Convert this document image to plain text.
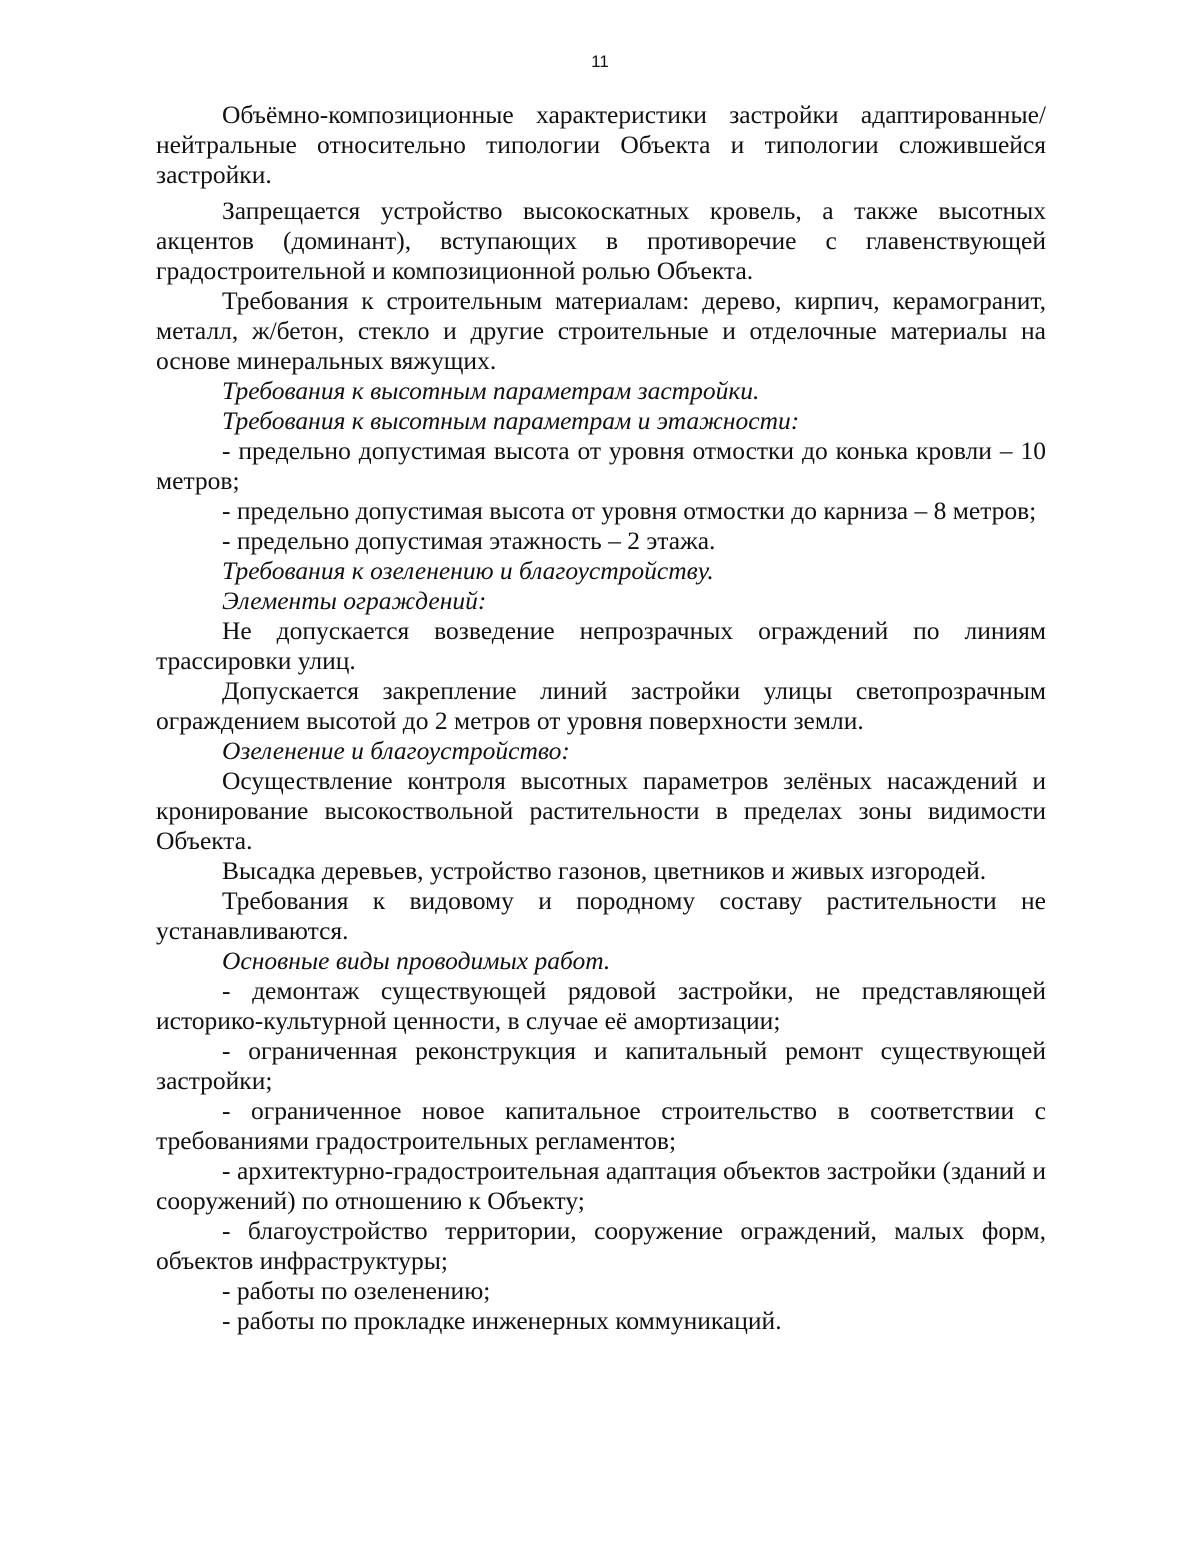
11

Объёмно-композиционные характеристики застройки адаптированные/нейтральные относительно типологии Объекта и типологии сложившейся застройки.

Запрещается устройство высокоскатных кровель, а также высотных акцентов (доминант), вступающих в противоречие с главенствующей градостроительной и композиционной ролью Объекта.

Требования к строительным материалам: дерево, кирпич, керамогранит, металл, ж/бетон, стекло и другие строительные и отделочные материалы на основе минеральных вяжущих.

Требования к высотным параметрам застройки.

Требования к высотным параметрам и этажности:

- предельно допустимая высота от уровня отмостки до конька кровли – 10 метров;

- предельно допустимая высота от уровня отмостки до карниза – 8 метров;

- предельно допустимая этажность – 2 этажа.

Требования к озеленению и благоустройству.

Элементы ограждений:

Не допускается возведение непрозрачных ограждений по линиям трассировки улиц.

Допускается закрепление линий застройки улицы светопрозрачным ограждением высотой до 2 метров от уровня поверхности земли.

Озеленение и благоустройство:

Осуществление контроля высотных параметров зелёных насаждений и кронирование высокоствольной растительности в пределах зоны видимости Объекта.

Высадка деревьев, устройство газонов, цветников и живых изгородей.

Требования к видовому и породному составу растительности не устанавливаются.

Основные виды проводимых работ.

- демонтаж существующей рядовой застройки, не представляющей историко-культурной ценности, в случае её амортизации;

- ограниченная реконструкция и капитальный ремонт существующей застройки;

- ограниченное новое капитальное строительство в соответствии с требованиями градостроительных регламентов;

- архитектурно-градостроительная адаптация объектов застройки (зданий и сооружений) по отношению к Объекту;

- благоустройство территории, сооружение ограждений, малых форм, объектов инфраструктуры;

- работы по озеленению;

- работы по прокладке инженерных коммуникаций.
